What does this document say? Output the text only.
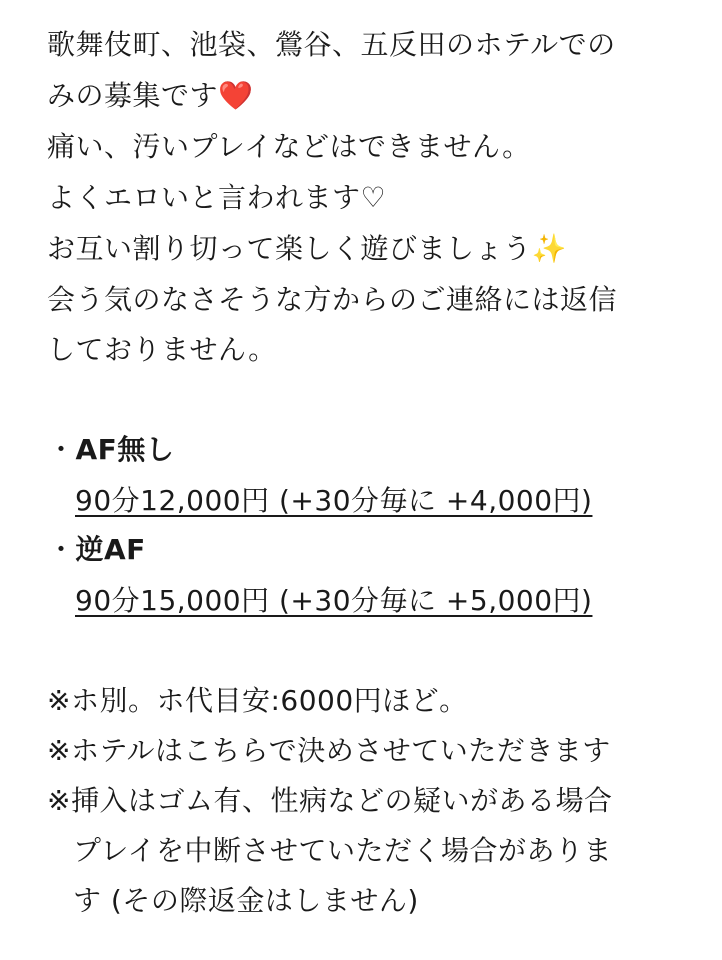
歌舞伎町、池袋、鶯谷、五反田のホテルでの
みの募集です❤️
痛い、汚いプレイなどはできません。
よくエロいと言われます♡
お互い割り切って楽しく遊びましょう✨
会う気のなさそうな方からのご連絡には返信
しておりません。
・AF無し
90分12,000円 (+30分毎に +4,000円)
・逆AF
90分15,000円 (+30分毎に +5,000円)
※ホ別。ホ代目安:6000円ほど。
※ホテルはこちらで決めさせていただきます
※挿入はゴム有、性病などの疑いがある場合
プレイを中断させていただく場合がありま
す (その際返金はしません)
